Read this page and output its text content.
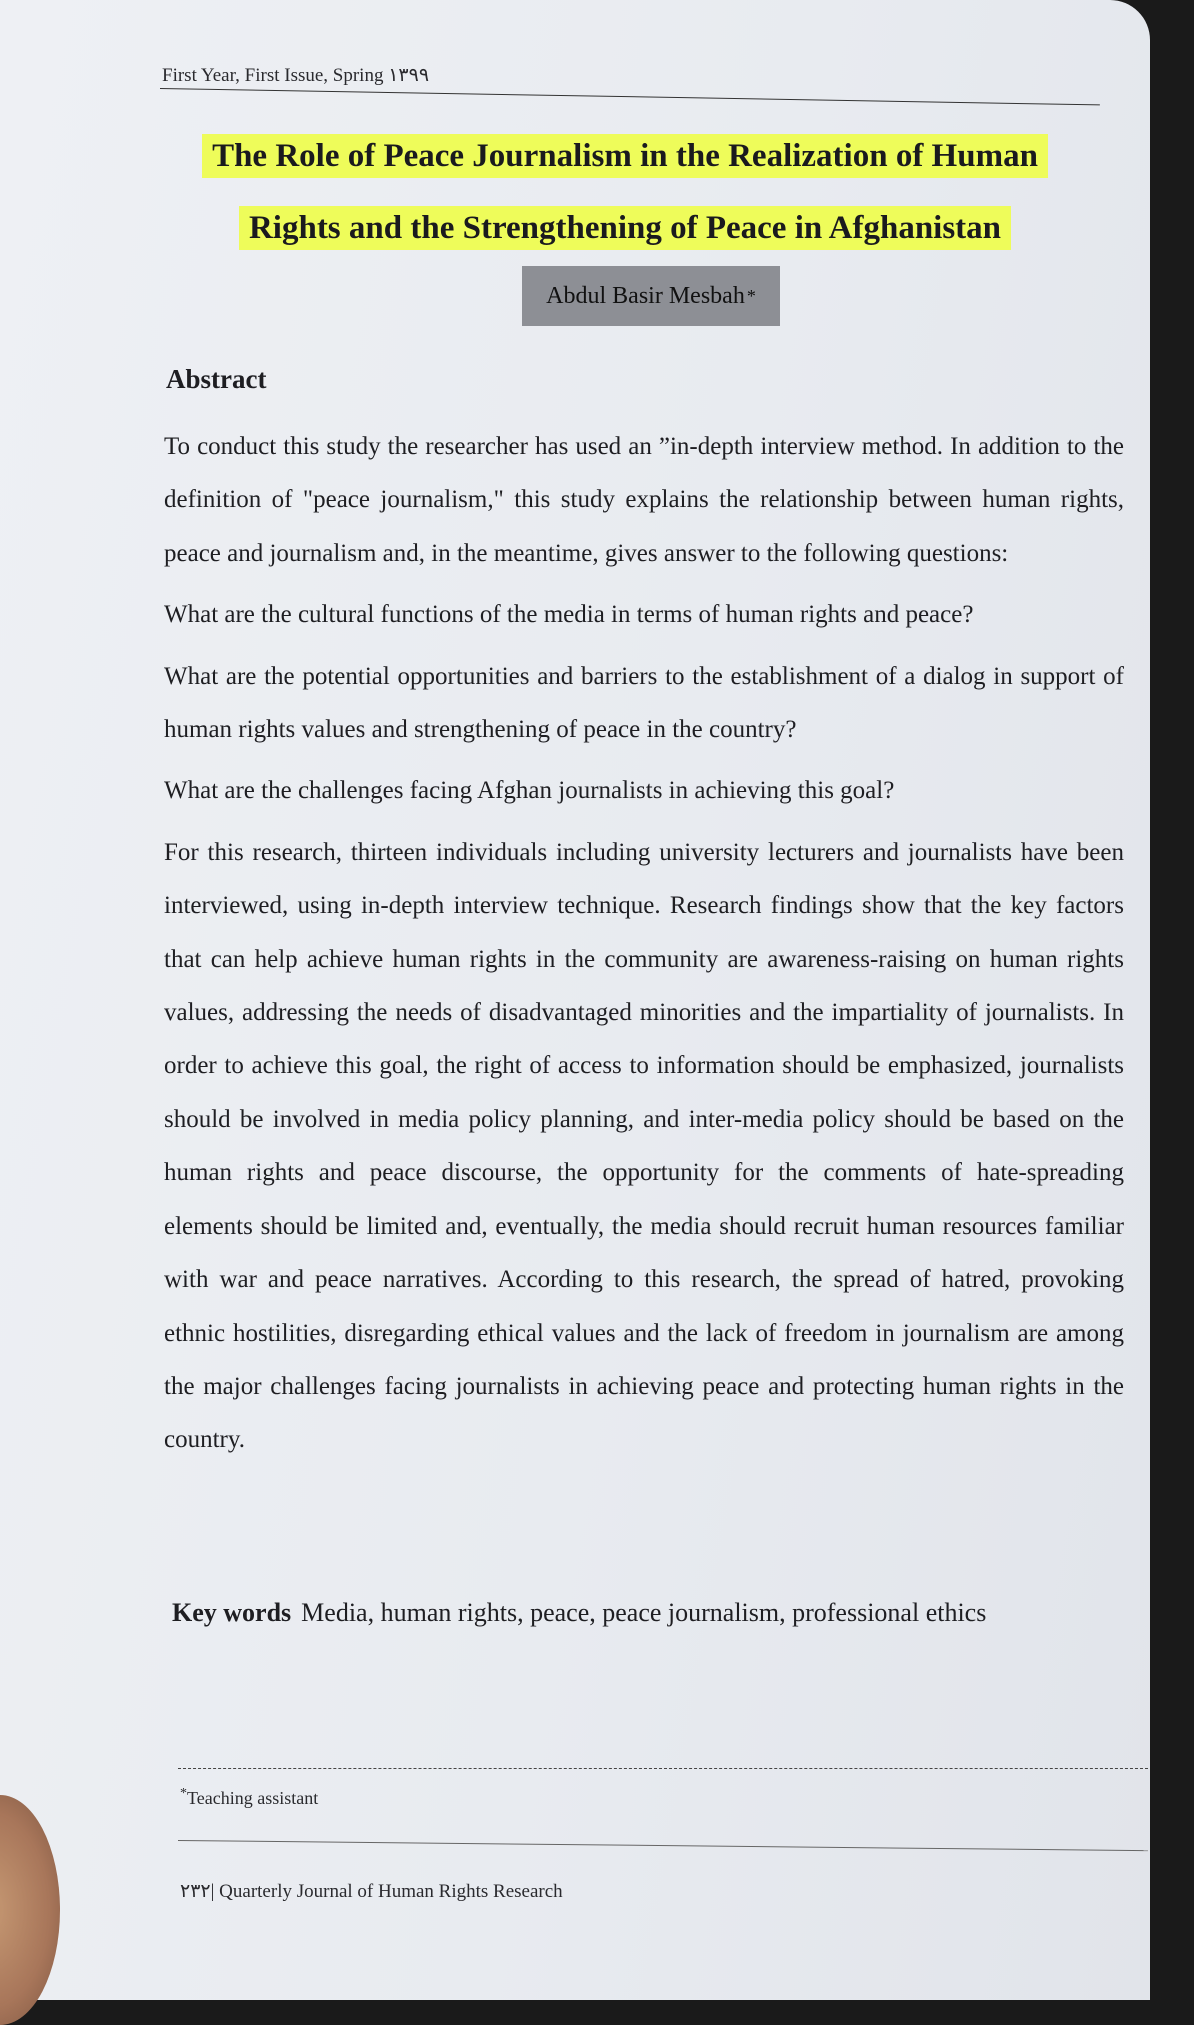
First Year, First Issue, Spring ۱۳۹۹
The Role of Peace Journalism in the Realization of Human
Rights and the Strengthening of Peace in Afghanistan
Abdul Basir Mesbah *
Abstract

To conduct this study the researcher has used an ”in-depth interview method. In addition to the definition of "peace journalism," this study explains the relationship between human rights, peace and journalism and, in the meantime, gives answer to the following questions:

What are the cultural functions of the media in terms of human rights and peace?

What are the potential opportunities and barriers to the establishment of a dialog in support of human rights values and strengthening of peace in the country?

What are the challenges facing Afghan journalists in achieving this goal?

For this research, thirteen individuals including university lecturers and journalists have been interviewed, using in-depth interview technique. Research findings show that the key factors that can help achieve human rights in the community are awareness-raising on human rights values, addressing the needs of disadvantaged minorities and the impartiality of journalists. In order to achieve this goal, the right of access to information should be emphasized, journalists should be involved in media policy planning, and inter-media policy should be based on the human rights and peace discourse, the opportunity for the comments of hate-spreading elements should be limited and, eventually, the media should recruit human resources familiar with war and peace narratives. According to this research, the spread of hatred, provoking ethnic hostilities, disregarding ethical values and the lack of freedom in journalism are among the major challenges facing journalists in achieving peace and protecting human rights in the country.

Key words Media, human rights, peace, peace journalism, professional ethics
*Teaching assistant
۲۳۲| Quarterly Journal of Human Rights Research
